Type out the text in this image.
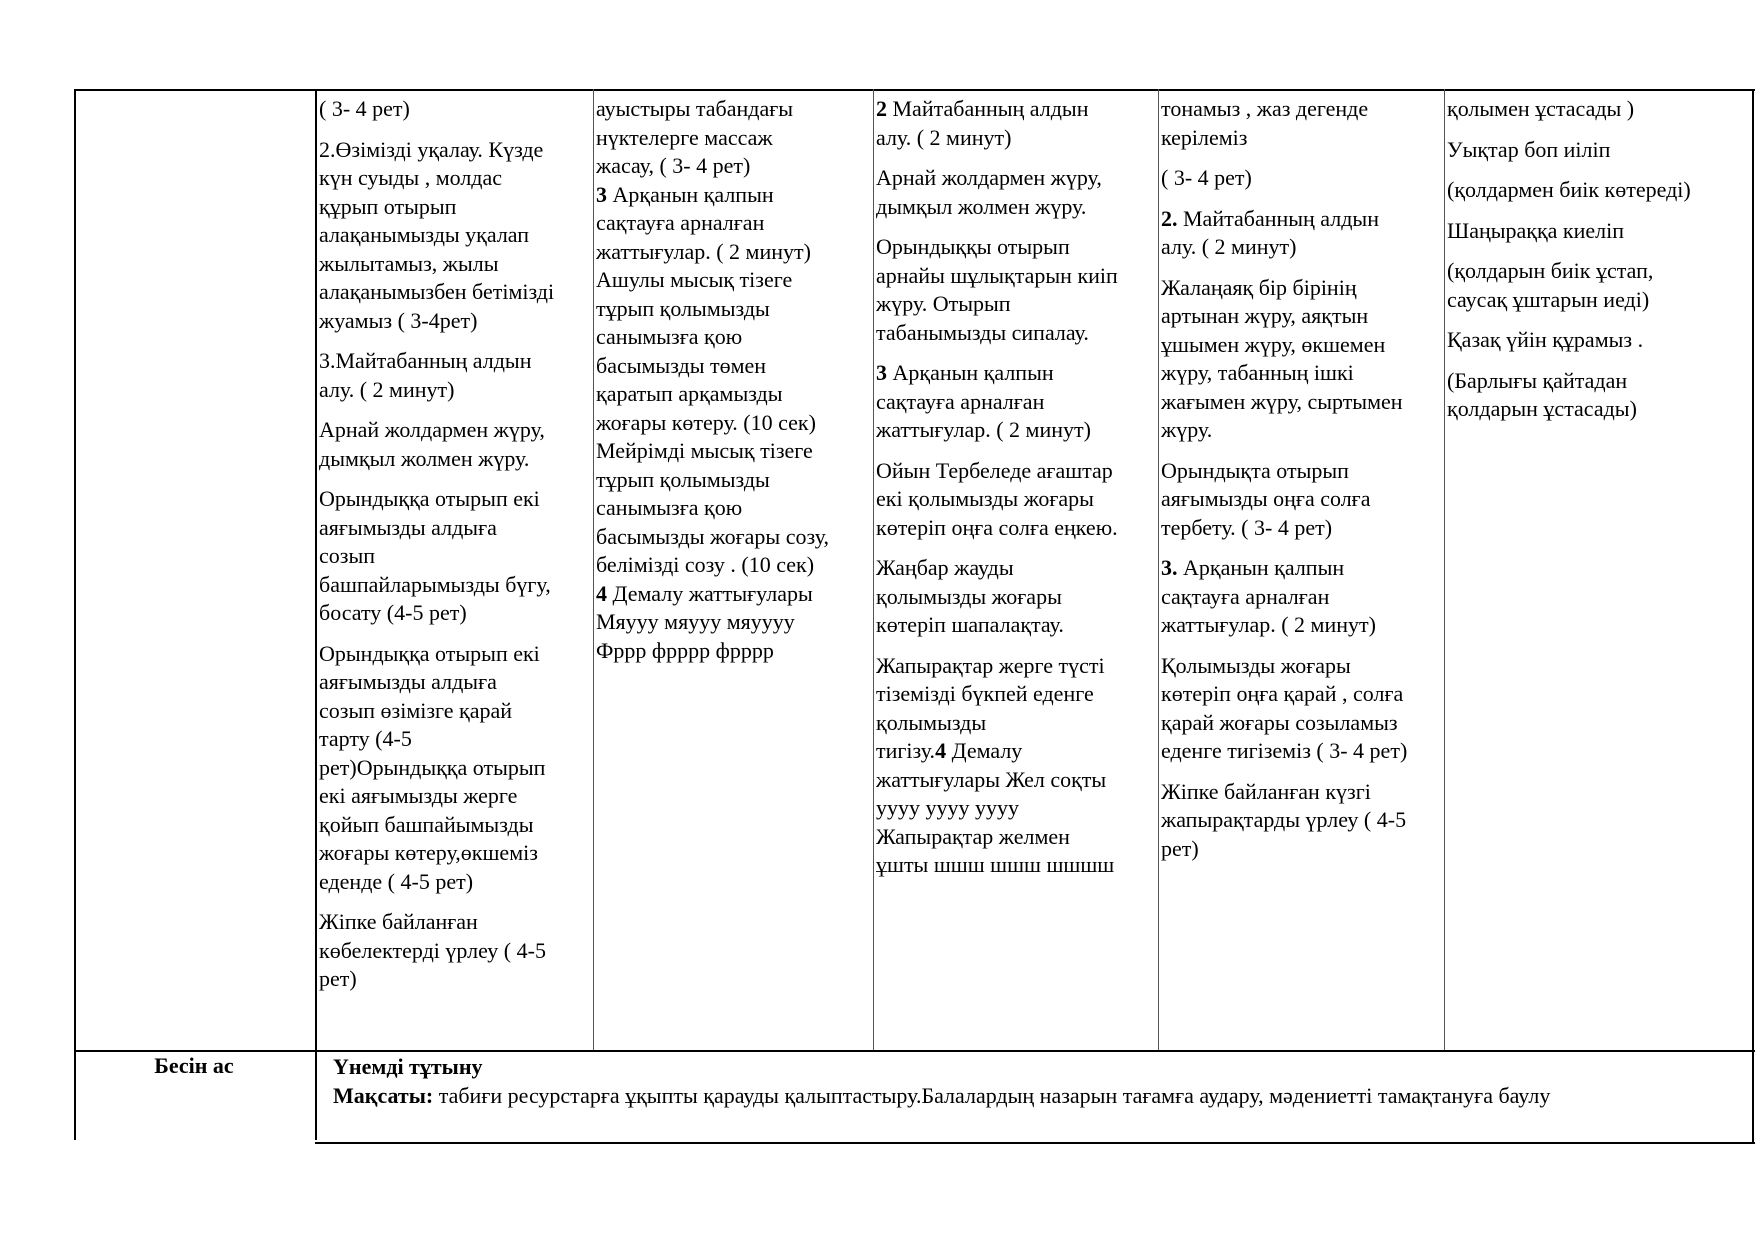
( 3- 4 рет)

2.Өзімізді уқалау. Күзде
күн суыды , молдас
құрып отырып
алақанымызды уқалап
жылытамыз, жылы
алақанымызбен бетімізді
жуамыз ( 3-4рет)

3.Майтабанның алдын
алу. ( 2 минут)

Арнай жолдармен жүру,
дымқыл жолмен жүру.

Орындыққа отырып екі
аяғымызды алдыға
созып
башпайларымызды бүгу,
босату (4-5 рет)

Орындыққа отырып екі
аяғымызды алдыға
созып өзімізге қарай
тарту (4-5
рет)Орындыққа отырып
екі аяғымызды жерге
қойып башпайымызды
жоғары көтеру,өкшеміз
еденде ( 4-5 рет)

Жіпке байланған
көбелектерді үрлеу ( 4-5
рет)

ауыстыры табандағы
нүктелерге массаж
жасау, ( 3- 4 рет)

3 Арқанын қалпын
сақтауға арналған
жаттығулар. ( 2 минут)
Ашулы мысық тізеге
тұрып қолымызды
санымызға қою
басымызды төмен
қаратып арқамызды
жоғары көтеру. (10 сек)
Мейрімді мысық тізеге
тұрып қолымызды
санымызға қою
басымызды жоғары созу,
белімізді созу . (10 сек)

4 Демалу жаттығулары
Мяууу мяууу мяуууу
Фррр фрррр фрррр

2 Майтабанның алдын
алу. ( 2 минут)

Арнай жолдармен жүру,
дымқыл жолмен жүру.

Орындыққы отырып
арнайы шұлықтарын киіп
жүру. Отырып
табанымызды сипалау.

3 Арқанын қалпын
сақтауға арналған
жаттығулар. ( 2 минут)

Ойын Тербеледе ағаштар
екі қолымызды жоғары
көтеріп оңға солға еңкею.

Жаңбар жауды
қолымызды жоғары
көтеріп шапалақтау.

Жапырақтар жерге түсті
тіземізді бүкпей еденге
қолымызды
тигізу.4 Демалу
жаттығулары Жел соқты
уууу уууу уууу
Жапырақтар желмен
ұшты шшш шшш шшшш

тонамыз , жаз дегенде
керілеміз

( 3- 4 рет)

2. Майтабанның алдын
алу. ( 2 минут)

Жалаңаяқ бір бірінің
артынан жүру, аяқтын
ұшымен жүру, өкшемен
жүру, табанның ішкі
жағымен жүру, сыртымен
жүру.

Орындықта отырып
аяғымызды оңға солға
тербету. ( 3- 4 рет)

3. Арқанын қалпын
сақтауға арналған
жаттығулар. ( 2 минут)

Қолымызды жоғары
көтеріп оңға қарай , солға
қарай жоғары созыламыз
еденге тигіземіз ( 3- 4 рет)

Жіпке байланған күзгі
жапырақтарды үрлеу ( 4-5
рет)

қолымен ұстасады )

Уықтар боп иіліп

(қолдармен биік көтереді)

Шаңыраққа киеліп

(қолдарын биік ұстап,
саусақ ұштарын иеді)

Қазақ үйін құрамыз .

(Барлығы қайтадан
қолдарын ұстасады)

Бесін ас	Үнемді тұтыну
Мақсаты: табиғи ресурстарға ұқыпты қарауды қалыптастыру.Балалардың назарын тағамға аудару, мәдениетті тамақтануға баулу
